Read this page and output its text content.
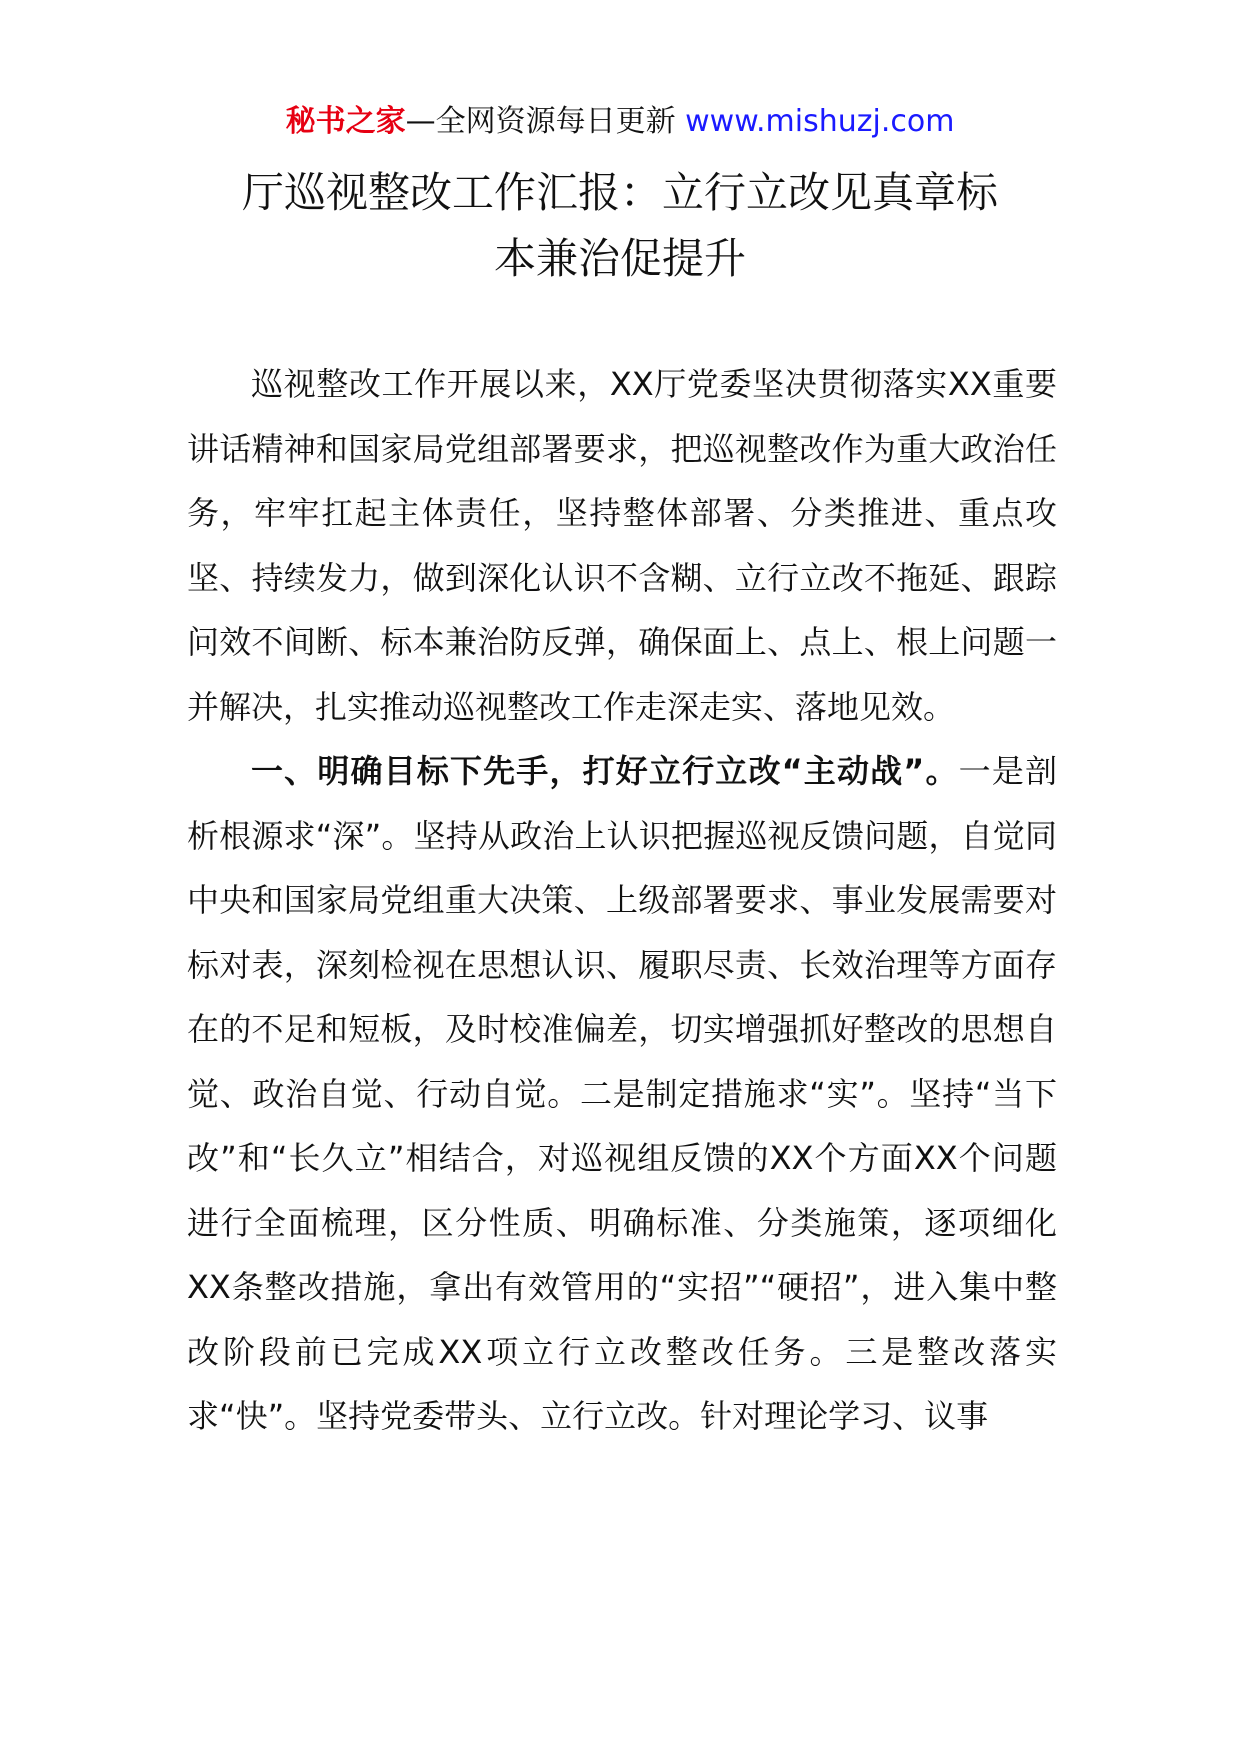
秘书之家—全网资源每日更新 www.mishuzj.com
厅巡视整改工作汇报：立行立改见真章标
本兼治促提升

巡视整改工作开展以来，XX厅党委坚决贯彻落实XX重要讲话精神和国家局党组部署要求，把巡视整改作为重大政治任务，牢牢扛起主体责任，坚持整体部署、分类推进、重点攻坚、持续发力，做到深化认识不含糊、立行立改不拖延、跟踪问效不间断、标本兼治防反弹，确保面上、点上、根上问题一并解决，扎实推动巡视整改工作走深走实、落地见效。

一、明确目标下先手，打好立行立改“主动战”。一是剖析根源求“深”。坚持从政治上认识把握巡视反馈问题，自觉同中央和国家局党组重大决策、上级部署要求、事业发展需要对标对表，深刻检视在思想认识、履职尽责、长效治理等方面存在的不足和短板，及时校准偏差，切实增强抓好整改的思想自觉、政治自觉、行动自觉。二是制定措施求“实”。坚持“当下改”和“长久立”相结合，对巡视组反馈的XX个方面XX个问题进行全面梳理，区分性质、明确标准、分类施策，逐项细化XX条整改措施，拿出有效管用的“实招”“硬招”，进入集中整改阶段前已完成XX项立行立改整改任务。三是整改落实求“快”。坚持党委带头、立行立改。针对理论学习、议事
